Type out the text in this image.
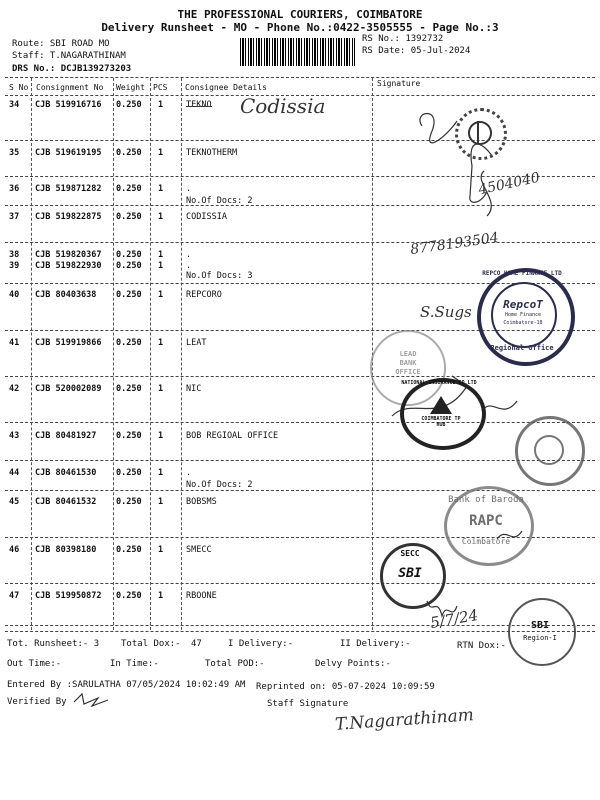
THE PROFESSIONAL COURIERS, COIMBATORE
Delivery Runsheet - MO - Phone No.:0422-3505555 - Page No.:3
Route: SBI ROAD MO
Staff: T.NAGARATHINAM
DRS No.: DCJB139273203
RS No.: 1392732
RS Date: 05-Jul-2024
S No Consignment No Weight PCS Consignee Details	Signature
34 CJB 519916716 0.250 1	TEKNO
35 CJB 519619195 0.250 1	TEKNOTHERM
36 CJB 519871282 0.250 1	.
No.Of Docs: 2
37 CJB 519822875 0.250 1	CODISSIA
38 CJB 519820367 0.250 1	.
39 CJB 519822930 0.250 1	.
No.Of Docs: 3
40 CJB 80403638 0.250 1	REPCORO
41 CJB 519919866 0.250 1	LEAT
42 CJB 520002089 0.250 1	NIC
43 CJB 80481927 0.250 1	BOB REGIOAL OFFICE
44 CJB 80461530 0.250 1	.
No.Of Docs: 2
45 CJB 80461532 0.250 1	BOBSMS
46 CJB 80398180 0.250 1	SMECC
47 CJB 519950872 0.250 1	RBOONE
Codissia
4504040
8778193504
S.Sugs
5/7/24
REPCO HOME FINANCE LTD
RepcoT
Home Finance
Coimbatore-18
Regional Office
LEAD BANK OFFICE
NATIONAL INSURANCE CO.LTD
COIMBATORE TP HUB
Bank of Baroda
RAPC
Coimbatore
SECC
SBI
SBI
Region-I
Tot. Runsheet:- 3 Total Dox:- 47	I Delivery:-	II Delivery:-	RTN Dox:-
Out Time:-	In Time:-	Total POD:-	Delvy Points:-
Entered By :SARULATHA 07/05/2024 10:02:49 AM Reprinted on: 05-07-2024 10:09:59
Verified By	Staff Signature
T.Nagarathinam
